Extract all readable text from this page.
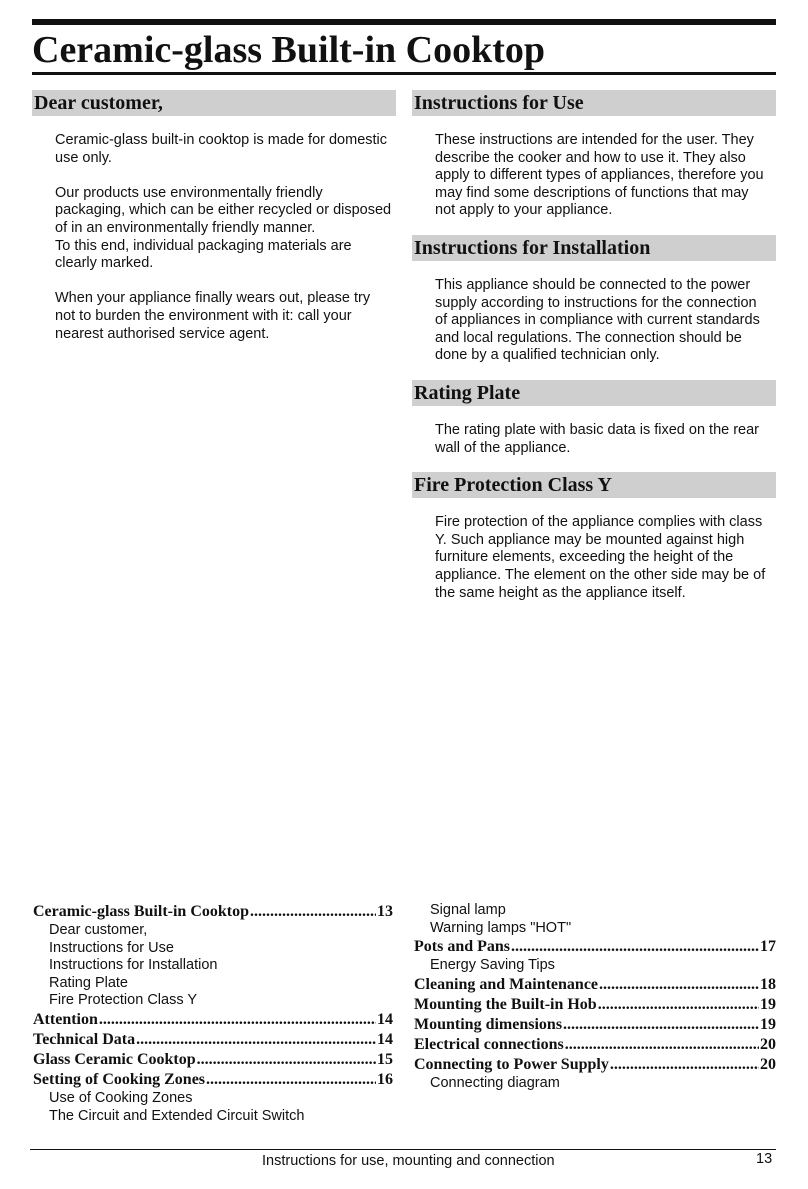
Ceramic-glass Built-in Cooktop
Dear customer,

Ceramic-glass built-in cooktop is made for domestic use only.

Our products use environmentally friendly packaging, which can be either recycled or disposed of in an environmentally friendly manner.
To this end, individual packaging materials are clearly marked.

When your appliance finally wears out, please try not to burden the environment with it: call your nearest authorised service agent.

Instructions for Use

These instructions are intended for the user. They describe the cooker and how to use it. They also apply to different types of appliances, therefore you may find some descriptions of functions that may not apply to your appliance.

Instructions for Installation

This appliance should be connected to the power supply according to instructions for the connection of appliances in compliance with current standards and local regulations. The connection should be done by a qualified technician only.

Rating Plate

The rating plate with basic data is fixed on the rear wall of the appliance.

Fire Protection Class Y

Fire protection of the appliance complies with class Y. Such appliance may be mounted against high furniture elements, exceeding the height of the appliance. The element on the other side may be of the same height as the appliance itself.

Ceramic-glass Built-in Cooktop .....	13
Dear customer,
Instructions for Use
Instructions for Installation
Rating Plate
Fire Protection Class Y
Attention .....	14
Technical Data .....	14
Glass Ceramic Cooktop .....	15
Setting of Cooking Zones .....	16
Use of Cooking Zones
The Circuit and Extended Circuit Switch
Signal lamp
Warning lamps "HOT"
Pots and Pans .....	17
Energy Saving Tips
Cleaning and Maintenance .....	18
Mounting the Built-in Hob .....	19
Mounting dimensions .....	19
Electrical connections .....	20
Connecting to Power Supply .....	20
Connecting diagram
Instructions for use, mounting and connection	13
